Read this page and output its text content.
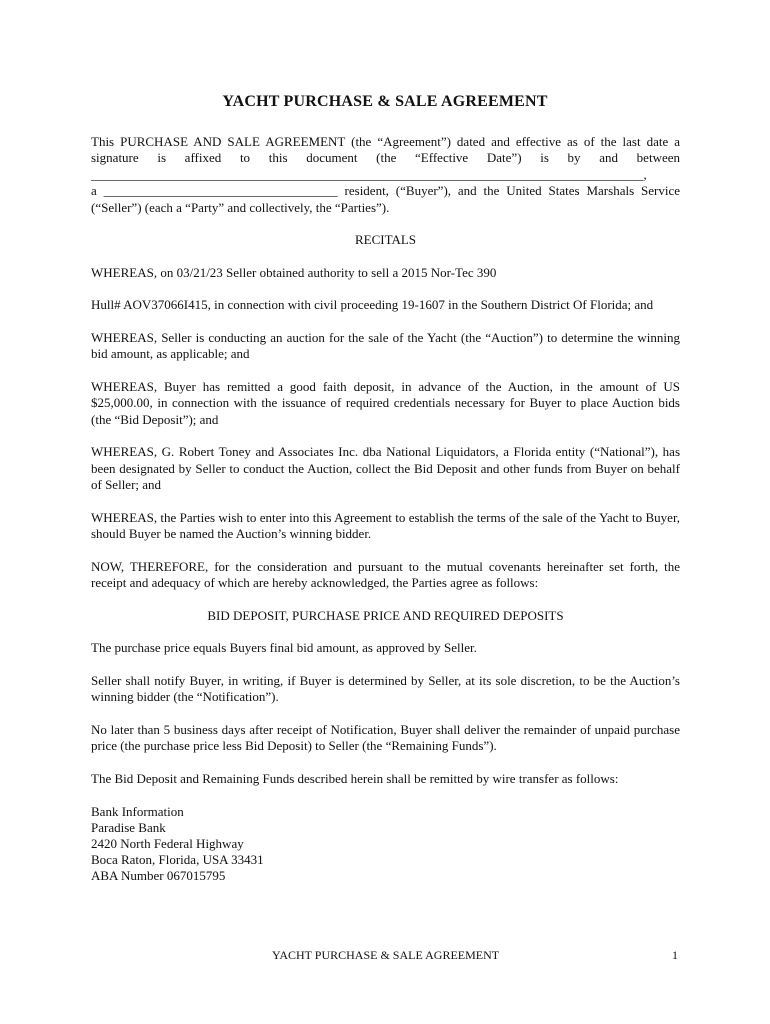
YACHT PURCHASE & SALE AGREEMENT

This PURCHASE AND SALE AGREEMENT (the “Agreement”) dated and effective as of the last date a
signature is affixed to this document (the “Effective Date”) is by and between
_____________________________________________________________________________________,
a ____________________________________ resident, (“Buyer”), and the United States Marshals Service
(“Seller”) (each a “Party” and collectively, the “Parties”).

RECITALS

WHEREAS, on 03/21/23 Seller obtained authority to sell a 2015 Nor-Tec 390

Hull# AOV37066I415, in connection with civil proceeding 19-1607 in the Southern District Of Florida; and

WHEREAS, Seller is conducting an auction for the sale of the Yacht (the “Auction”) to determine the winning bid amount, as applicable; and

WHEREAS, Buyer has remitted a good faith deposit, in advance of the Auction, in the amount of US $25,000.00, in connection with the issuance of required credentials necessary for Buyer to place Auction bids (the “Bid Deposit”); and

WHEREAS, G. Robert Toney and Associates Inc. dba National Liquidators, a Florida entity (“National”), has been designated by Seller to conduct the Auction, collect the Bid Deposit and other funds from Buyer on behalf of Seller; and

WHEREAS, the Parties wish to enter into this Agreement to establish the terms of the sale of the Yacht to Buyer, should Buyer be named the Auction’s winning bidder.

NOW, THEREFORE, for the consideration and pursuant to the mutual covenants hereinafter set forth, the receipt and adequacy of which are hereby acknowledged, the Parties agree as follows:

BID DEPOSIT, PURCHASE PRICE AND REQUIRED DEPOSITS

The purchase price equals Buyers final bid amount, as approved by Seller.

Seller shall notify Buyer, in writing, if Buyer is determined by Seller, at its sole discretion, to be the Auction’s winning bidder (the “Notification”).

No later than 5 business days after receipt of Notification, Buyer shall deliver the remainder of unpaid purchase price (the purchase price less Bid Deposit) to Seller (the “Remaining Funds”).

The Bid Deposit and Remaining Funds described herein shall be remitted by wire transfer as follows:

Bank Information
Paradise Bank
2420 North Federal Highway
Boca Raton, Florida, USA 33431
ABA Number 067015795
YACHT PURCHASE & SALE AGREEMENT	1
